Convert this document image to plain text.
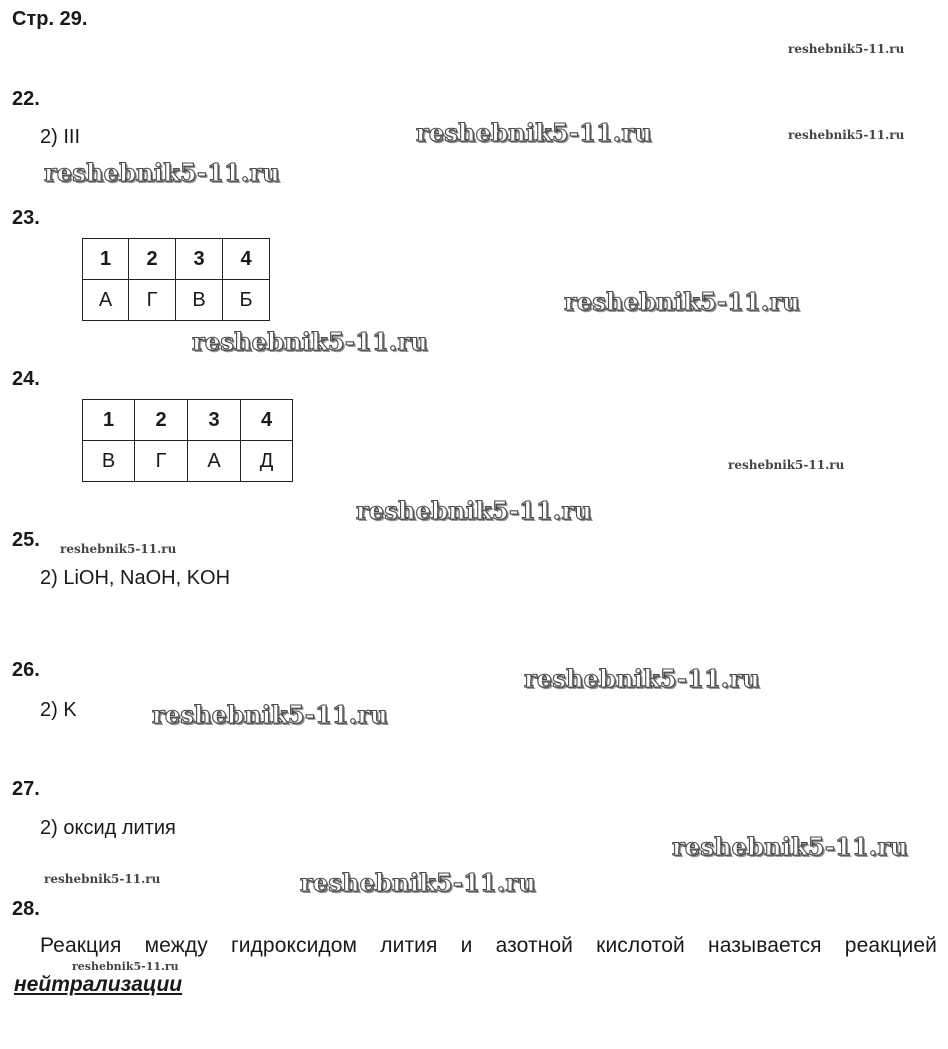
Стр. 29.
22.
2) III
23.
1	2	3	4
А	Г	В	Б
24.
1	2	3	4
В	Г	А	Д
25.
2) LiOH, NaOH, KOH
26.
2) K
27.
2) оксид лития
28.
Реакция между гидроксидом лития и азотной кислотой называется реакцией
нейтрализации
reshebnik5-11.ru
reshebnik5-11.ru	reshebnik5-11.ru
reshebnik5-11.ru
reshebnik5-11.ru
reshebnik5-11.ru
reshebnik5-11.ru
reshebnik5-11.ru
reshebnik5-11.ru
reshebnik5-11.ru
reshebnik5-11.ru
reshebnik5-11.ru
reshebnik5-11.ru	reshebnik5-11.ru
reshebnik5-11.ru
